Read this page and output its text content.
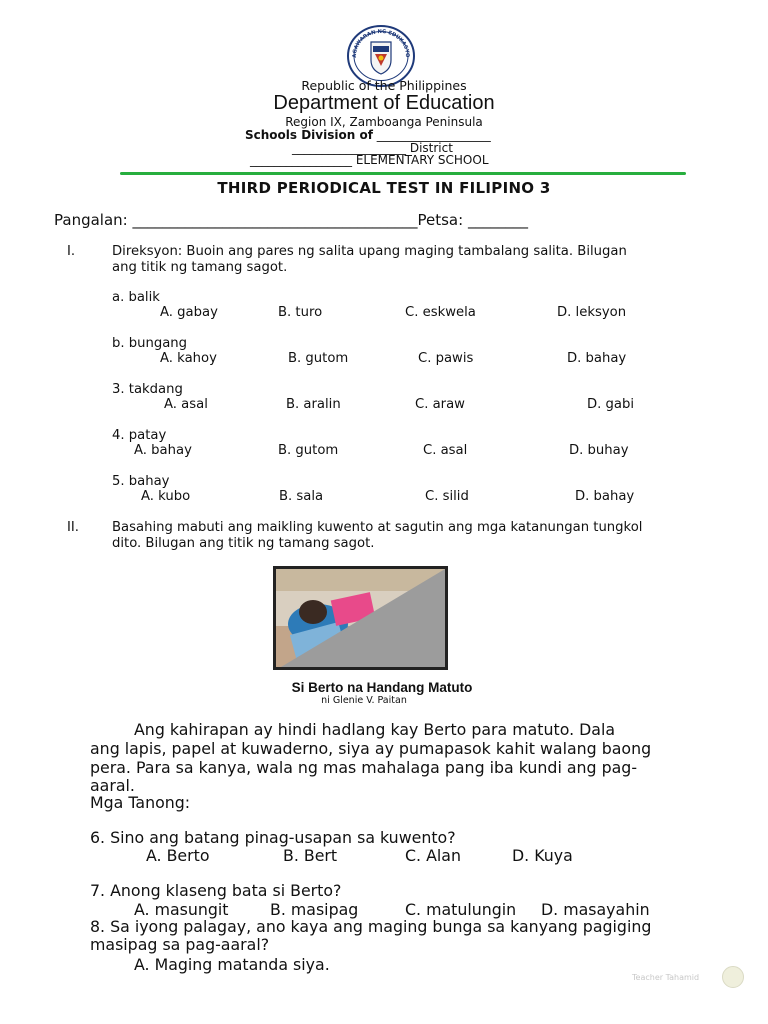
AGAWARAN NG EDUKASYO
Republic of the Philippines
Department of Education
Region IX, Zamboanga Peninsula
Schools Division of ___________________
___________________ District
_________________ ELEMENTARY SCHOOL
THIRD PERIODICAL TEST IN FILIPINO 3
Pangalan: ______________________________________Petsa: ________
I.	Direksyon: Buoin ang pares ng salita upang maging tambalang salita. Bilugan
ang titik ng tamang sagot.
a. balik
A. gabay	B. turo	C. eskwela	D. leksyon
b. bungang
A. kahoy	B. gutom	C. pawis	D. bahay
3. takdang
A. asal	B. aralin	C. araw	D. gabi
4. patay
A. bahay	B. gutom	C. asal	D. buhay
5. bahay
A. kubo	B. sala	C. silid	D. bahay
II.	Basahing mabuti ang maikling kuwento at sagutin ang mga katanungan tungkol
dito. Bilugan ang titik ng tamang sagot.
Si Berto na Handang Matuto
ni Glenie V. Paitan
Ang kahirapan ay hindi hadlang kay Berto para matuto. Dala
ang lapis, papel at kuwaderno, siya ay pumapasok kahit walang baong
pera. Para sa kanya, wala ng mas mahalaga pang iba kundi ang pag-
aaral.
Mga Tanong:
6. Sino ang batang pinag-usapan sa kuwento?
A. Berto	B. Bert	C. Alan	D. Kuya
7. Anong klaseng bata si Berto?
A. masungit	B. masipag	C. matulungin D. masayahin
8. Sa iyong palagay, ano kaya ang maging bunga sa kanyang pagiging
masipag sa pag-aaral?
A. Maging matanda siya.
Teacher Tahamid
